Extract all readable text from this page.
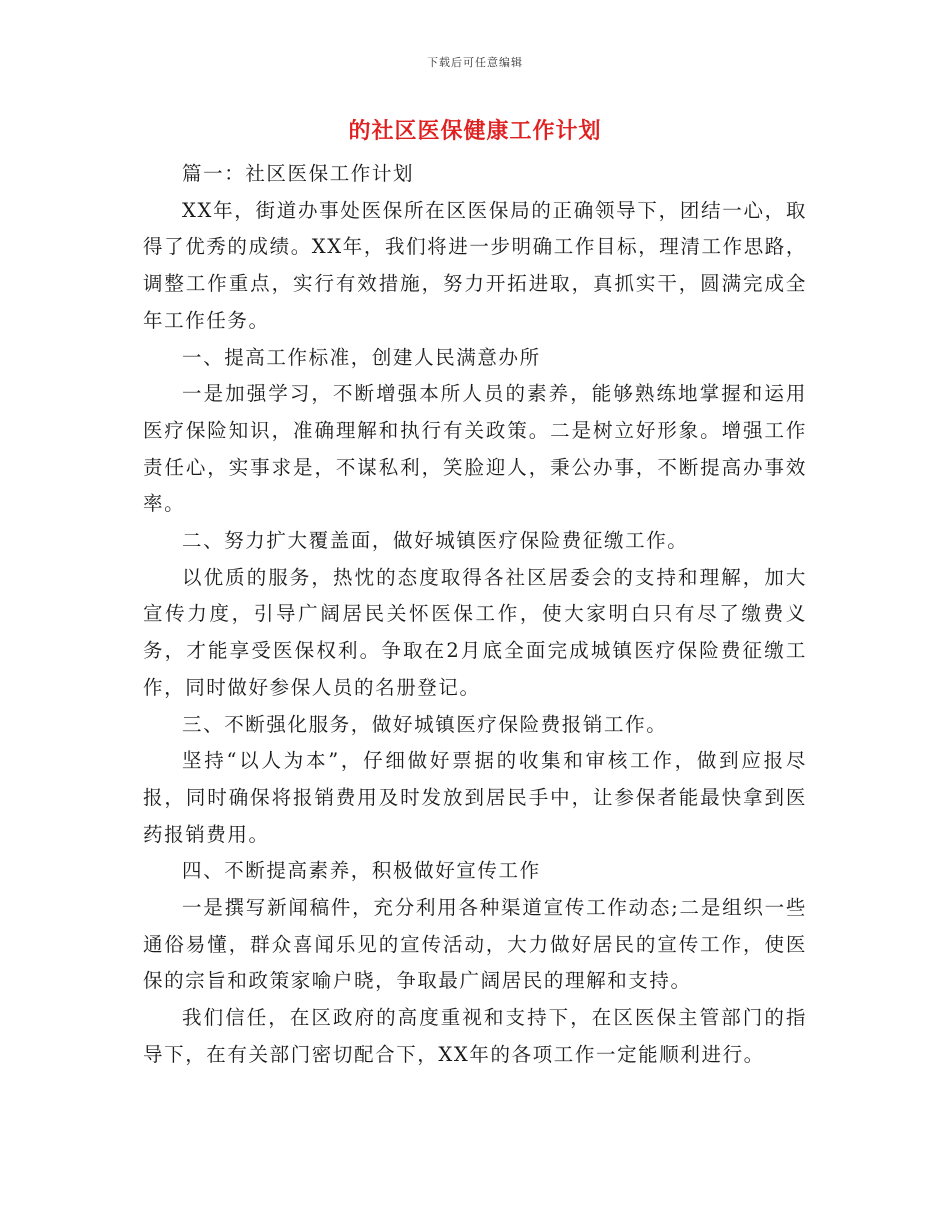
下载后可任意编辑
的社区医保健康工作计划

篇一：社区医保工作计划

XX年，街道办事处医保所在区医保局的正确领导下，团结一心，取得了优秀的成绩。XX年，我们将进一步明确工作目标，理清工作思路，调整工作重点，实行有效措施，努力开拓进取，真抓实干，圆满完成全年工作任务。

一、提高工作标准，创建人民满意办所

一是加强学习，不断增强本所人员的素养，能够熟练地掌握和运用医疗保险知识，准确理解和执行有关政策。二是树立好形象。增强工作责任心，实事求是，不谋私利，笑脸迎人，秉公办事，不断提高办事效率。

二、努力扩大覆盖面，做好城镇医疗保险费征缴工作。

以优质的服务，热忱的态度取得各社区居委会的支持和理解，加大宣传力度，引导广阔居民关怀医保工作，使大家明白只有尽了缴费义务，才能享受医保权利。争取在2月底全面完成城镇医疗保险费征缴工作，同时做好参保人员的名册登记。

三、不断强化服务，做好城镇医疗保险费报销工作。

坚持“以人为本”，仔细做好票据的收集和审核工作，做到应报尽报，同时确保将报销费用及时发放到居民手中，让参保者能最快拿到医药报销费用。

四、不断提高素养，积极做好宣传工作

一是撰写新闻稿件，充分利用各种渠道宣传工作动态;二是组织一些通俗易懂，群众喜闻乐见的宣传活动，大力做好居民的宣传工作，使医保的宗旨和政策家喻户晓，争取最广阔居民的理解和支持。

我们信任，在区政府的高度重视和支持下，在区医保主管部门的指导下，在有关部门密切配合下，XX年的各项工作一定能顺利进行。
